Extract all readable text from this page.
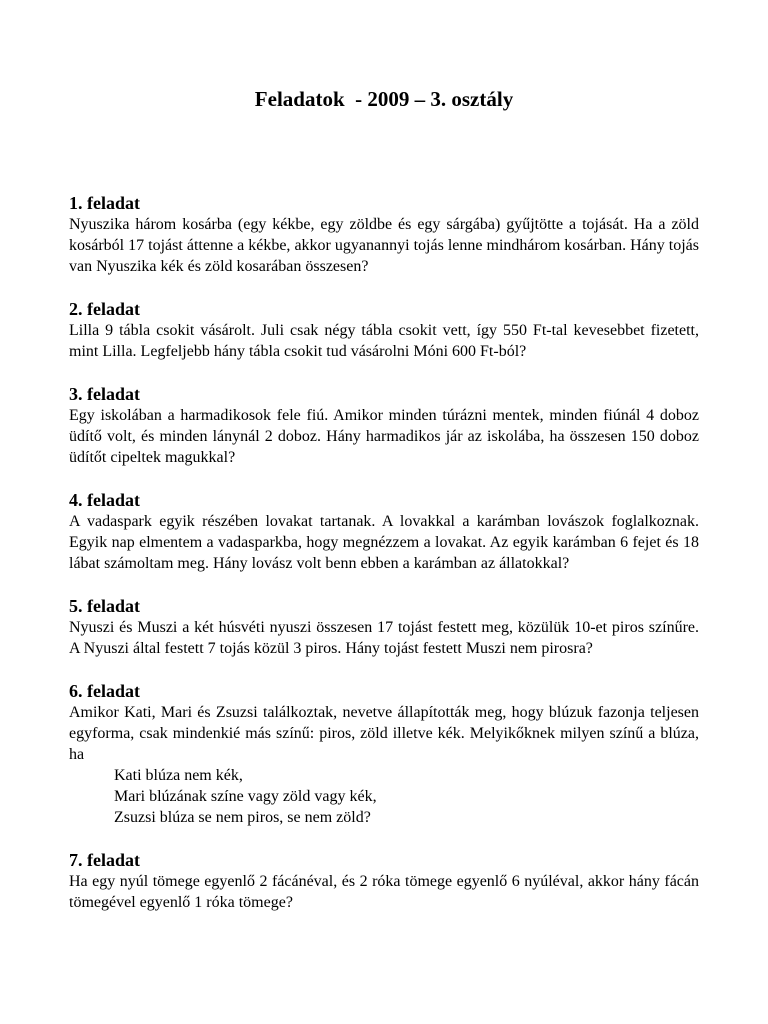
Feladatok  - 2009 – 3. osztály
1. feladat
Nyuszika három kosárba (egy kékbe, egy zöldbe és egy sárgába) gyűjtötte a tojását. Ha a zöld kosárból 17 tojást áttenne a kékbe, akkor ugyanannyi tojás lenne mindhárom kosárban. Hány tojás van Nyuszika kék és zöld kosarában összesen?
2. feladat
Lilla 9 tábla csokit vásárolt. Juli csak négy tábla csokit vett, így 550 Ft-tal kevesebbet fizetett, mint Lilla. Legfeljebb hány tábla csokit tud vásárolni Móni 600 Ft-ból?
3. feladat
Egy iskolában a harmadikosok fele fiú. Amikor minden túrázni mentek, minden fiúnál 4 doboz üdítő volt, és minden lánynál 2 doboz. Hány harmadikos jár az iskolába, ha összesen 150 doboz üdítőt cipeltek magukkal?
4. feladat
A vadaspark egyik részében lovakat tartanak. A lovakkal a karámban lovászok foglalkoznak. Egyik nap elmentem a vadasparkba, hogy megnézzem a lovakat. Az egyik karámban 6 fejet és 18 lábat számoltam meg. Hány lovász volt benn ebben a karámban az állatokkal?
5. feladat
Nyuszi és Muszi a két húsvéti nyuszi összesen 17 tojást festett meg, közülük 10-et piros színűre. A Nyuszi által festett 7 tojás közül 3 piros. Hány tojást festett Muszi nem pirosra?
6. feladat
Amikor Kati, Mari és Zsuzsi találkoztak, nevetve állapították meg, hogy blúzuk fazonja teljesen egyforma, csak mindenkié más színű: piros, zöld illetve kék. Melyikőknek milyen színű a blúza, ha
Kati blúza nem kék,
Mari blúzának színe vagy zöld vagy kék,
Zsuzsi blúza se nem piros, se nem zöld?
7. feladat
Ha egy nyúl tömege egyenlő 2 fácánéval, és 2 róka tömege egyenlő 6 nyúléval, akkor hány fácán tömegével egyenlő 1 róka tömege?
